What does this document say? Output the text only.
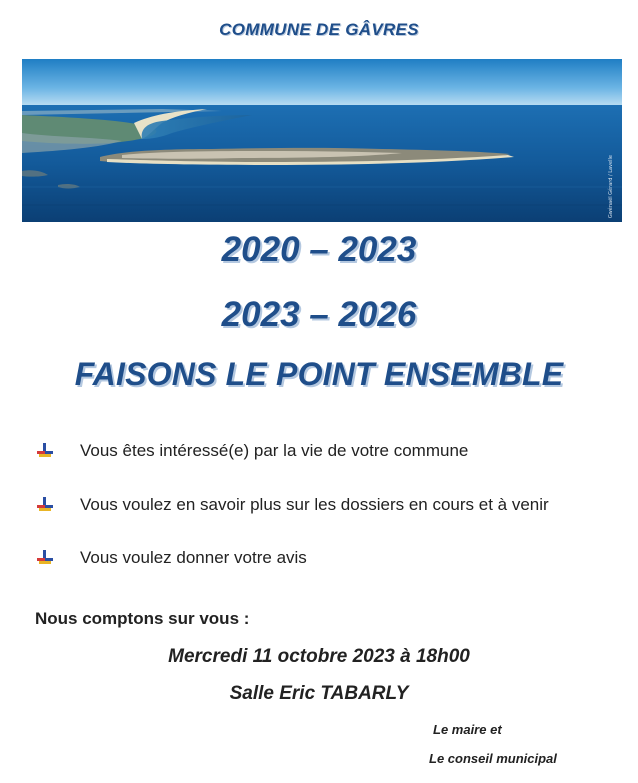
COMMUNE DE GÂVRES
Gwénaël Gérard / Lavelle
2020 – 2023
2023 – 2026
FAISONS LE POINT ENSEMBLE
Vous êtes intéressé(e) par la vie de votre commune
Vous voulez en savoir plus sur les dossiers en cours et à venir
Vous voulez donner votre avis
Nous comptons sur vous :
Mercredi 11 octobre 2023 à 18h00
Salle Eric TABARLY
Le maire et
Le conseil municipal
